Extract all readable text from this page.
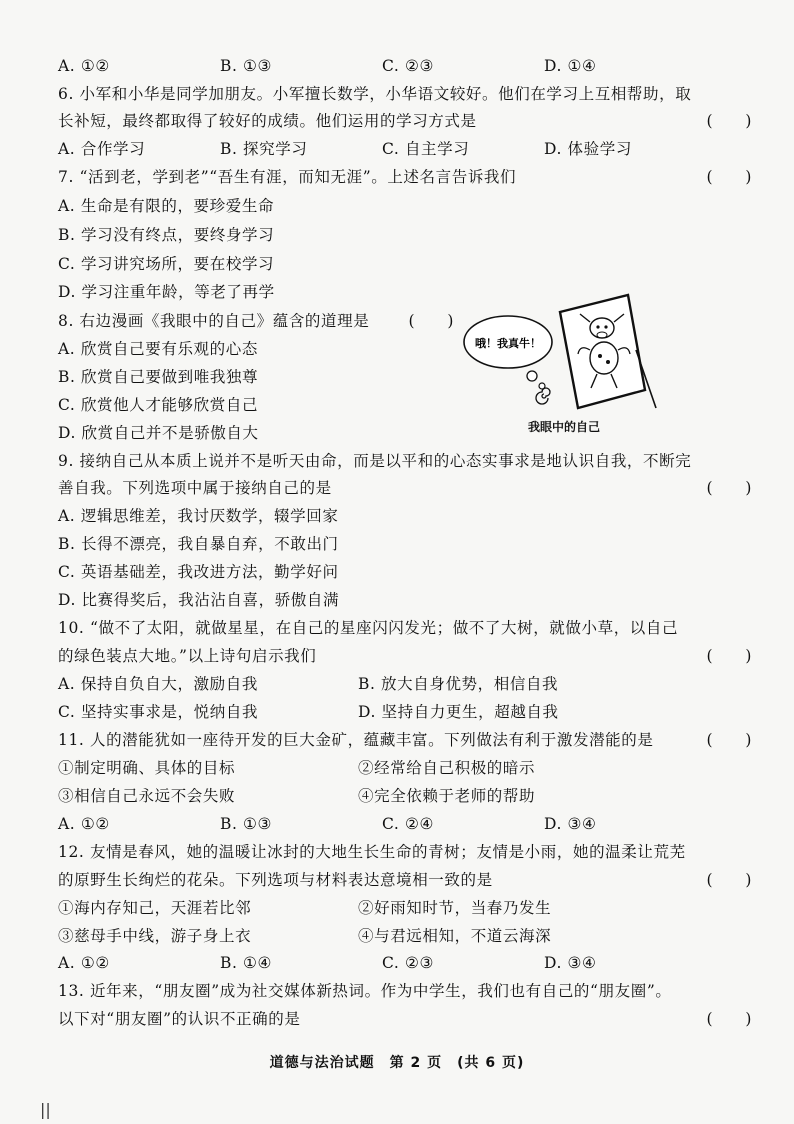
A. ①②	B. ①③	C. ②③	D. ①④
6. 小军和小华是同学加朋友。小军擅长数学，小华语文较好。他们在学习上互相帮助，取
长补短，最终都取得了较好的成绩。他们运用的学习方式是	(　　)
A. 合作学习	B. 探究学习	C. 自主学习	D. 体验学习
7. “活到老，学到老”“吾生有涯，而知无涯”。上述名言告诉我们	(　　)
A. 生命是有限的，要珍爱生命
B. 学习没有终点，要终身学习
C. 学习讲究场所，要在校学习
D. 学习注重年龄，等老了再学
8. 右边漫画《我眼中的自己》蕴含的道理是	(　　)
A. 欣赏自己要有乐观的心态
B. 欣赏自己要做到唯我独尊
C. 欣赏他人才能够欣赏自己
D. 欣赏自己并不是骄傲自大
哦！我真牛！
我眼中的自己
9. 接纳自己从本质上说并不是听天由命，而是以平和的心态实事求是地认识自我，不断完
善自我。下列选项中属于接纳自己的是	(　　)
A. 逻辑思维差，我讨厌数学，辍学回家
B. 长得不漂亮，我自暴自弃，不敢出门
C. 英语基础差，我改进方法，勤学好问
D. 比赛得奖后，我沾沾自喜，骄傲自满
10. “做不了太阳，就做星星，在自己的星座闪闪发光；做不了大树，就做小草，以自己
的绿色装点大地。”以上诗句启示我们	(　　)
A. 保持自负自大，激励自我	B. 放大自身优势，相信自我
C. 坚持实事求是，悦纳自我	D. 坚持自力更生，超越自我
11. 人的潜能犹如一座待开发的巨大金矿，蕴藏丰富。下列做法有利于激发潜能的是	(　　)
①制定明确、具体的目标	②经常给自己积极的暗示
③相信自己永远不会失败	④完全依赖于老师的帮助
A. ①②	B. ①③	C. ②④	D. ③④
12. 友情是春风，她的温暖让冰封的大地生长生命的青树；友情是小雨，她的温柔让荒芜
的原野生长绚烂的花朵。下列选项与材料表达意境相一致的是	(　　)
①海内存知己，天涯若比邻	②好雨知时节，当春乃发生
③慈母手中线，游子身上衣	④与君远相知，不道云海深
A. ①②	B. ①④	C. ②③	D. ③④
13. 近年来，“朋友圈”成为社交媒体新热词。作为中学生，我们也有自己的“朋友圈”。
以下对“朋友圈”的认识不正确的是	(　　)
道德与法治试题　第 2 页　(共 6 页)
||
